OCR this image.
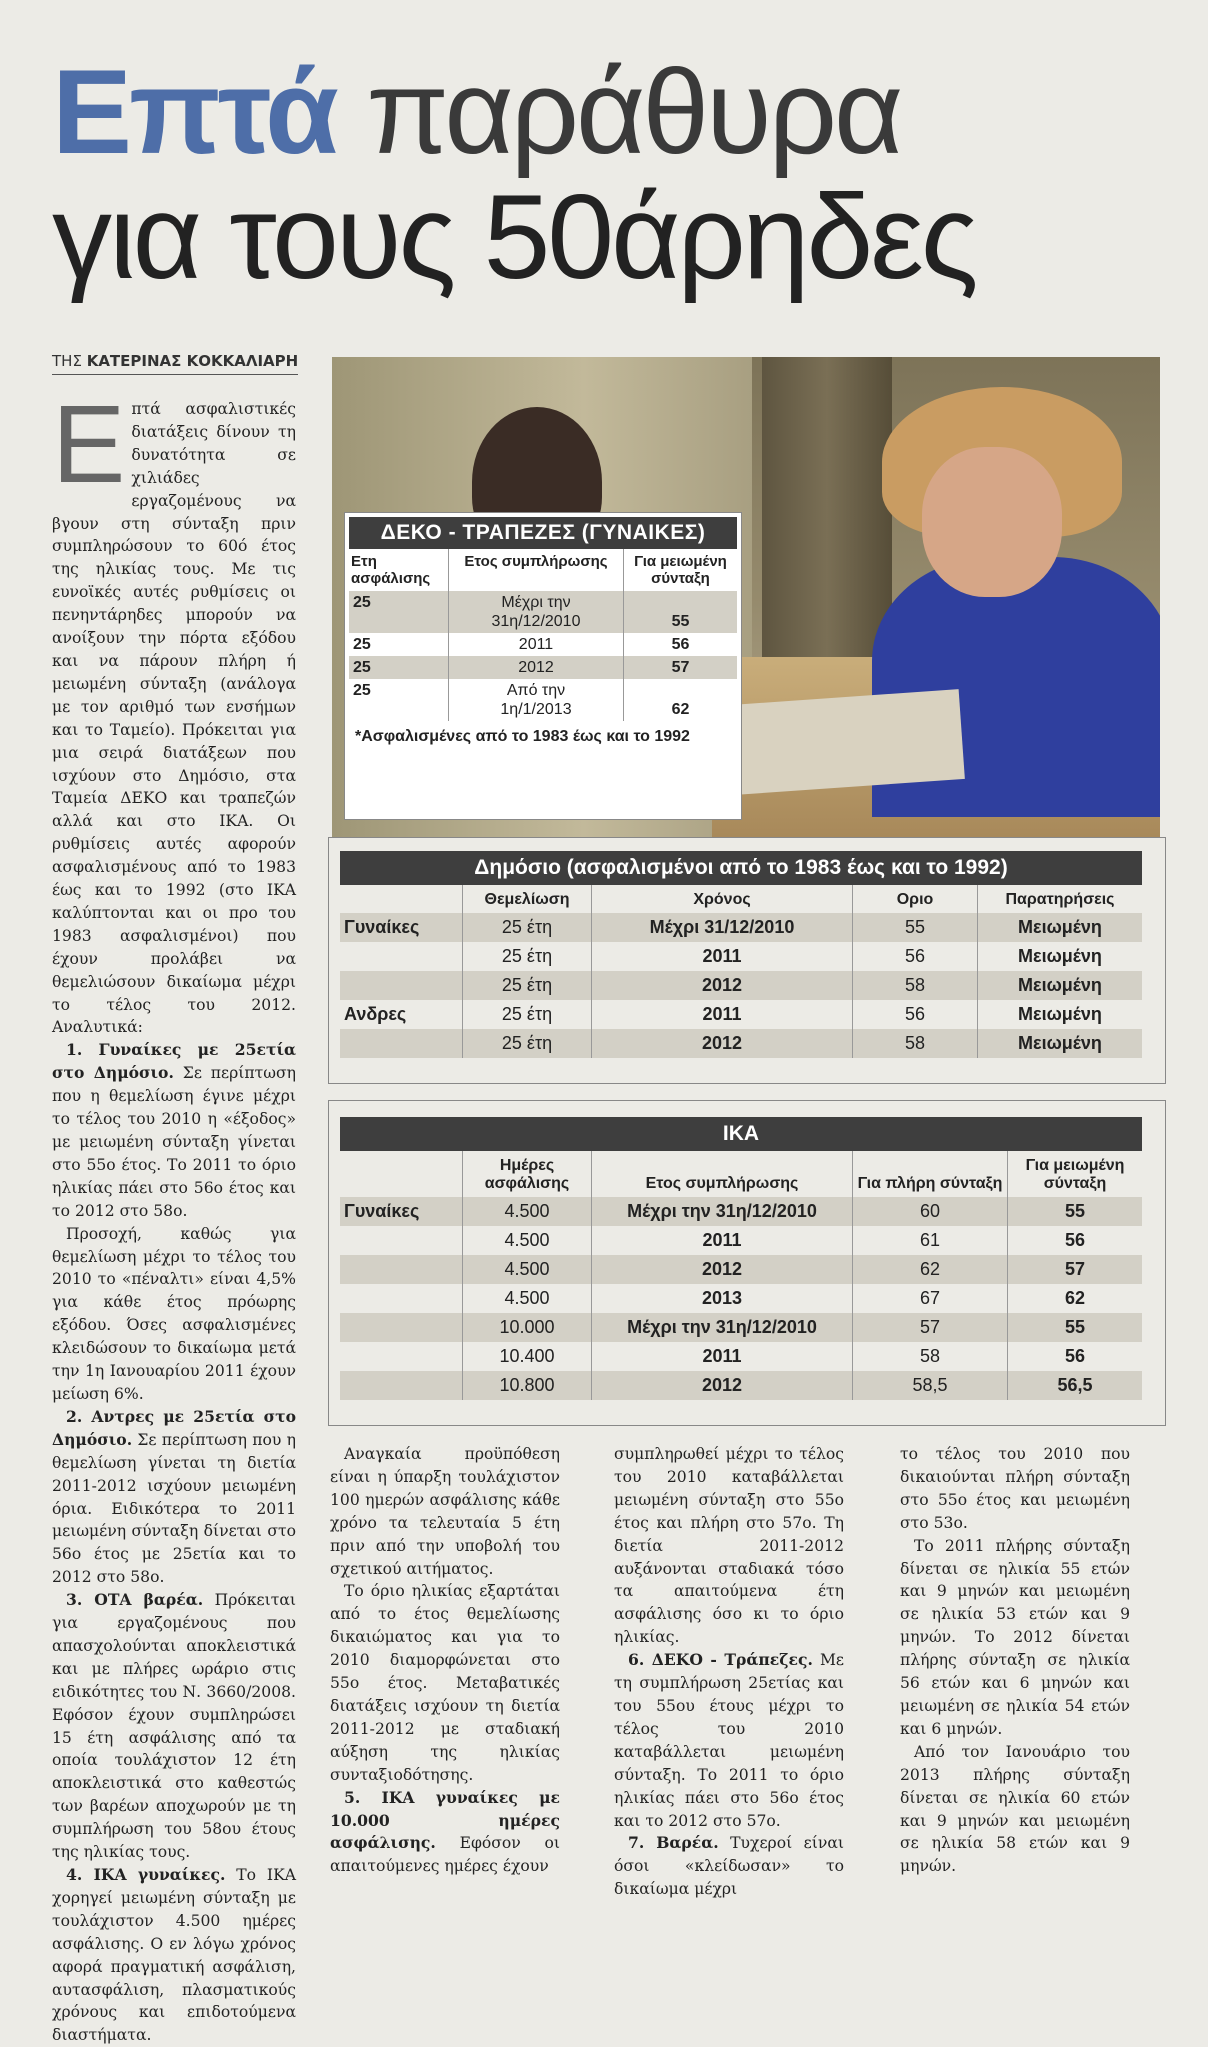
Επτά παράθυρα
για τους 50άρηδες
ΤΗΣ ΚΑΤΕΡΙΝΑΣ ΚΟΚΚΑΛΙΑΡΗ

Επτά ασφαλιστικές διατάξεις δίνουν τη δυνατότητα σε χιλιάδες εργαζομένους να βγουν στη σύνταξη πριν συμπληρώσουν το 60ό έτος της ηλικίας τους. Με τις ευνοϊκές αυτές ρυθμίσεις οι πενηντάρηδες μπορούν να ανοίξουν την πόρτα εξόδου και να πάρουν πλήρη ή μειωμένη σύνταξη (ανάλογα με τον αριθμό των ενσήμων και το Ταμείο). Πρόκειται για μια σειρά διατάξεων που ισχύουν στο Δημόσιο, στα Ταμεία ΔΕΚΟ και τραπεζών αλλά και στο ΙΚΑ. Οι ρυθμίσεις αυτές αφορούν ασφαλισμένους από το 1983 έως και το 1992 (στο ΙΚΑ καλύπτονται και οι προ του 1983 ασφαλισμένοι) που έχουν προλάβει να θεμελιώσουν δικαίωμα μέχρι το τέλος του 2012. Αναλυτικά:

1. Γυναίκες με 25ετία στο Δημόσιο. Σε περίπτωση που η θεμελίωση έγινε μέχρι το τέλος του 2010 η «έξοδος» με μειωμένη σύνταξη γίνεται στο 55ο έτος. Το 2011 το όριο ηλικίας πάει στο 56ο έτος και το 2012 στο 58ο.

Προσοχή, καθώς για θεμελίωση μέχρι το τέλος του 2010 το «πέναλτι» είναι 4,5% για κάθε έτος πρόωρης εξόδου. Όσες ασφαλισμένες κλειδώσουν το δικαίωμα μετά την 1η Ιανουαρίου 2011 έχουν μείωση 6%.

2. Αντρες με 25ετία στο Δημόσιο. Σε περίπτωση που η θεμελίωση γίνεται τη διετία 2011-2012 ισχύουν μειωμένη όρια. Ειδικότερα το 2011 μειωμένη σύνταξη δίνεται στο 56ο έτος με 25ετία και το 2012 στο 58ο.

3. ΟΤΑ βαρέα. Πρόκειται για εργαζομένους που απασχολούνται αποκλειστικά και με πλήρες ωράριο στις ειδικότητες του Ν. 3660/2008. Εφόσον έχουν συμπληρώσει 15 έτη ασφάλισης από τα οποία τουλάχιστον 12 έτη αποκλειστικά στο καθεστώς των βαρέων αποχωρούν με τη συμπλήρωση του 58ου έτους της ηλικίας τους.

4. ΙΚΑ γυναίκες. Το ΙΚΑ χορηγεί μειωμένη σύνταξη με τουλάχιστον 4.500 ημέρες ασφάλισης. Ο εν λόγω χρόνος αφορά πραγματική ασφάλιση, αυτασφάλιση, πλασματικούς χρόνους και επιδοτούμενα διαστήματα.

ΔΕΚΟ - ΤΡΑΠΕΖΕΣ (ΓΥΝΑΙΚΕΣ)
Ετη ασφάλισης	Ετος συμπλήρωσης	Για μειωμένη σύνταξη
25	Μέχρι την 31η/12/2010	55
25	2011	56
25	2012	57
25	Από την 1η/1/2013	62
*Ασφαλισμένες από το 1983 έως και το 1992		
Δημόσιο (ασφαλισμένοι από το 1983 έως και το 1992)
	Θεμελίωση	Χρόνος	Οριο	Παρατηρήσεις
Γυναίκες	25 έτη	Μέχρι 31/12/2010	55	Μειωμένη
	25 έτη	2011	56	Μειωμένη
	25 έτη	2012	58	Μειωμένη
Ανδρες	25 έτη	2011	56	Μειωμένη
	25 έτη	2012	58	Μειωμένη
ΙΚΑ
	Ημέρες ασφάλισης	Ετος συμπλήρωσης	Για πλήρη σύνταξη	Για μειωμένη σύνταξη
Γυναίκες	4.500	Μέχρι την 31η/12/2010	60	55
	4.500	2011	61	56
	4.500	2012	62	57
	4.500	2013	67	62
	10.000	Μέχρι την 31η/12/2010	57	55
	10.400	2011	58	56
	10.800	2012	58,5	56,5

Αναγκαία προϋπόθεση είναι η ύπαρξη τουλάχιστον 100 ημερών ασφάλισης κάθε χρόνο τα τελευταία 5 έτη πριν από την υποβολή του σχετικού αιτήματος.

Το όριο ηλικίας εξαρτάται από το έτος θεμελίωσης δικαιώματος και για το 2010 διαμορφώνεται στο 55ο έτος. Μεταβατικές διατάξεις ισχύουν τη διετία 2011-2012 με σταδιακή αύξηση της ηλικίας συνταξιοδότησης.

5. ΙΚΑ γυναίκες με 10.000 ημέρες ασφάλισης. Εφόσον οι απαιτούμενες ημέρες έχουν

συμπληρωθεί μέχρι το τέλος του 2010 καταβάλλεται μειωμένη σύνταξη στο 55ο έτος και πλήρη στο 57ο. Τη διετία 2011-2012 αυξάνονται σταδιακά τόσο τα απαιτούμενα έτη ασφάλισης όσο κι το όριο ηλικίας.

6. ΔΕΚΟ - Τράπεζες. Με τη συμπλήρωση 25ετίας και του 55ου έτους μέχρι το τέλος του 2010 καταβάλλεται μειωμένη σύνταξη. Το 2011 το όριο ηλικίας πάει στο 56ο έτος και το 2012 στο 57ο.

7. Βαρέα. Τυχεροί είναι όσοι «κλείδωσαν» το δικαίωμα μέχρι

το τέλος του 2010 που δικαιούνται πλήρη σύνταξη στο 55ο έτος και μειωμένη στο 53ο.

Το 2011 πλήρης σύνταξη δίνεται σε ηλικία 55 ετών και 9 μηνών και μειωμένη σε ηλικία 53 ετών και 9 μηνών. Το 2012 δίνεται πλήρης σύνταξη σε ηλικία 56 ετών και 6 μηνών και μειωμένη σε ηλικία 54 ετών και 6 μηνών.

Από τον Ιανουάριο του 2013 πλήρης σύνταξη δίνεται σε ηλικία 60 ετών και 9 μηνών και μειωμένη σε ηλικία 58 ετών και 9 μηνών.
